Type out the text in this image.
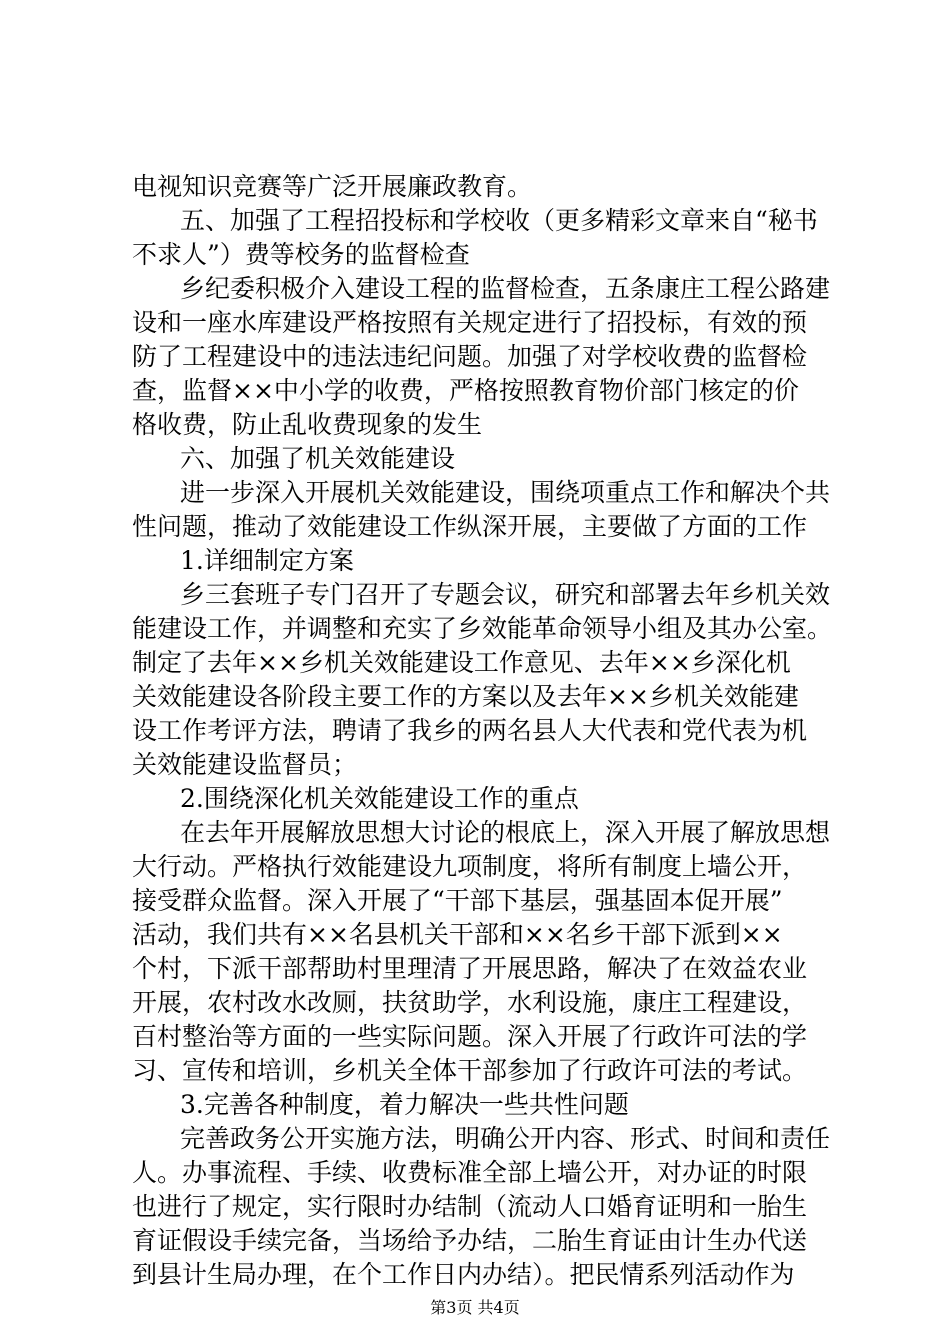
电视知识竞赛等广泛开展廉政教育。
五、加强了工程招投标和学校收（更多精彩文章来自“秘书
不求人”）费等校务的监督检查
乡纪委积极介入建设工程的监督检查，五条康庄工程公路建
设和一座水库建设严格按照有关规定进行了招投标，有效的预
防了工程建设中的违法违纪问题。加强了对学校收费的监督检
查，监督××中小学的收费，严格按照教育物价部门核定的价
格收费，防止乱收费现象的发生
六、加强了机关效能建设
进一步深入开展机关效能建设，围绕项重点工作和解决个共
性问题，推动了效能建设工作纵深开展，主要做了方面的工作
1.详细制定方案
乡三套班子专门召开了专题会议，研究和部署去年乡机关效
能建设工作，并调整和充实了乡效能革命领导小组及其办公室。
制定了去年××乡机关效能建设工作意见、去年××乡深化机
关效能建设各阶段主要工作的方案以及去年××乡机关效能建
设工作考评方法，聘请了我乡的两名县人大代表和党代表为机
关效能建设监督员；
2.围绕深化机关效能建设工作的重点
在去年开展解放思想大讨论的根底上，深入开展了解放思想
大行动。严格执行效能建设九项制度，将所有制度上墙公开，
接受群众监督。深入开展了“干部下基层，强基固本促开展”
活动，我们共有××名县机关干部和××名乡干部下派到××
个村，下派干部帮助村里理清了开展思路，解决了在效益农业
开展，农村改水改厕，扶贫助学，水利设施，康庄工程建设，
百村整治等方面的一些实际问题。深入开展了行政许可法的学
习、宣传和培训，乡机关全体干部参加了行政许可法的考试。
3.完善各种制度，着力解决一些共性问题
完善政务公开实施方法，明确公开内容、形式、时间和责任
人。办事流程、手续、收费标准全部上墙公开，对办证的时限
也进行了规定，实行限时办结制（流动人口婚育证明和一胎生
育证假设手续完备，当场给予办结，二胎生育证由计生办代送
到县计生局办理，在个工作日内办结）。把民情系列活动作为
第3页 共4页
